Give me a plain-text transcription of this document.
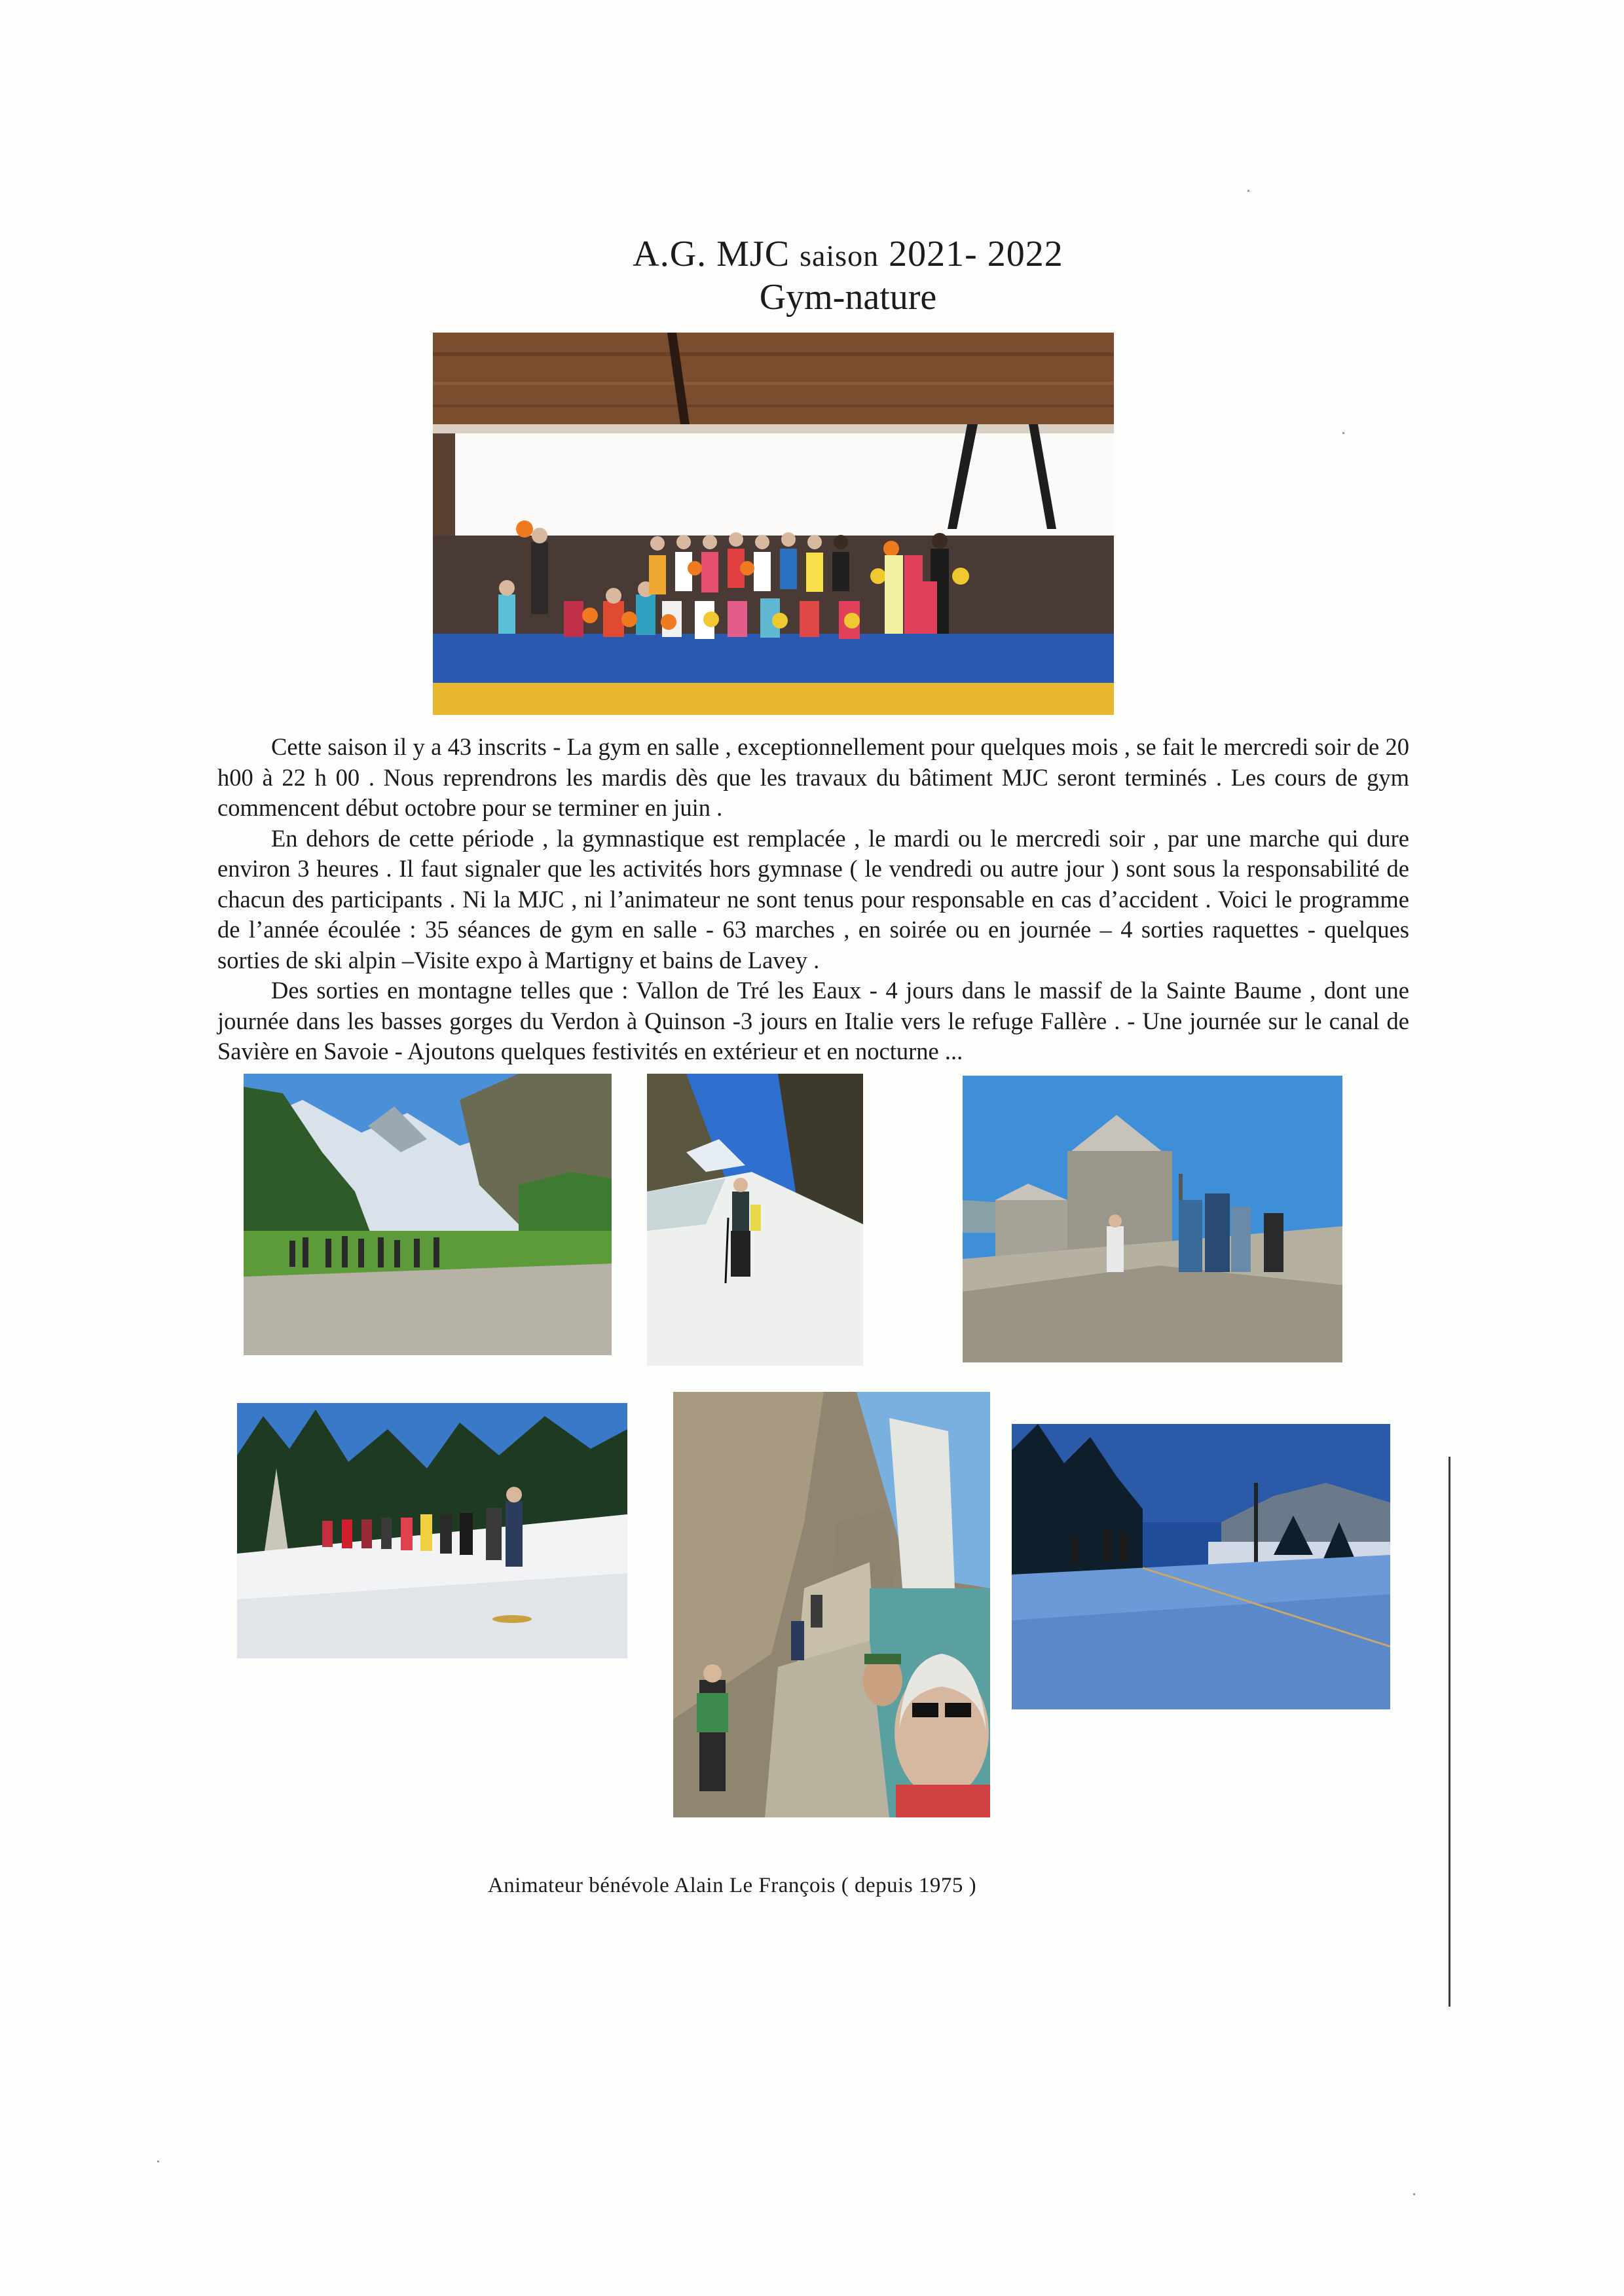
A.G. MJC saison 2021- 2022
Gym-nature

Cette saison il y a 43 inscrits - La gym en salle , exceptionnellement pour quelques mois , se fait le mercredi soir de 20 h00 à 22 h 00 . Nous reprendrons les mardis dès que les travaux du bâtiment MJC seront terminés . Les cours de gym commencent début octobre pour se terminer en juin .

En dehors de cette période , la gymnastique est remplacée , le mardi ou le mercredi soir , par une marche qui dure environ 3 heures . Il faut signaler que les activités hors gymnase ( le vendredi ou autre jour ) sont sous la responsabilité de chacun des participants . Ni la MJC , ni l’animateur ne sont tenus pour responsable en cas d’accident . Voici le programme de l’année écoulée : 35 séances de gym en salle - 63 marches , en soirée ou en journée – 4 sorties raquettes - quelques sorties de ski alpin –Visite expo à Martigny et bains de Lavey .

Des sorties en montagne telles que : Vallon de Tré les Eaux - 4 jours dans le massif de la Sainte Baume , dont une journée dans les basses gorges du Verdon à Quinson -3 jours en Italie vers le refuge Fallère . - Une journée sur le canal de Savière en Savoie - Ajoutons quelques festivités en extérieur et en nocturne ...

Animateur bénévole Alain Le François ( depuis 1975 )
